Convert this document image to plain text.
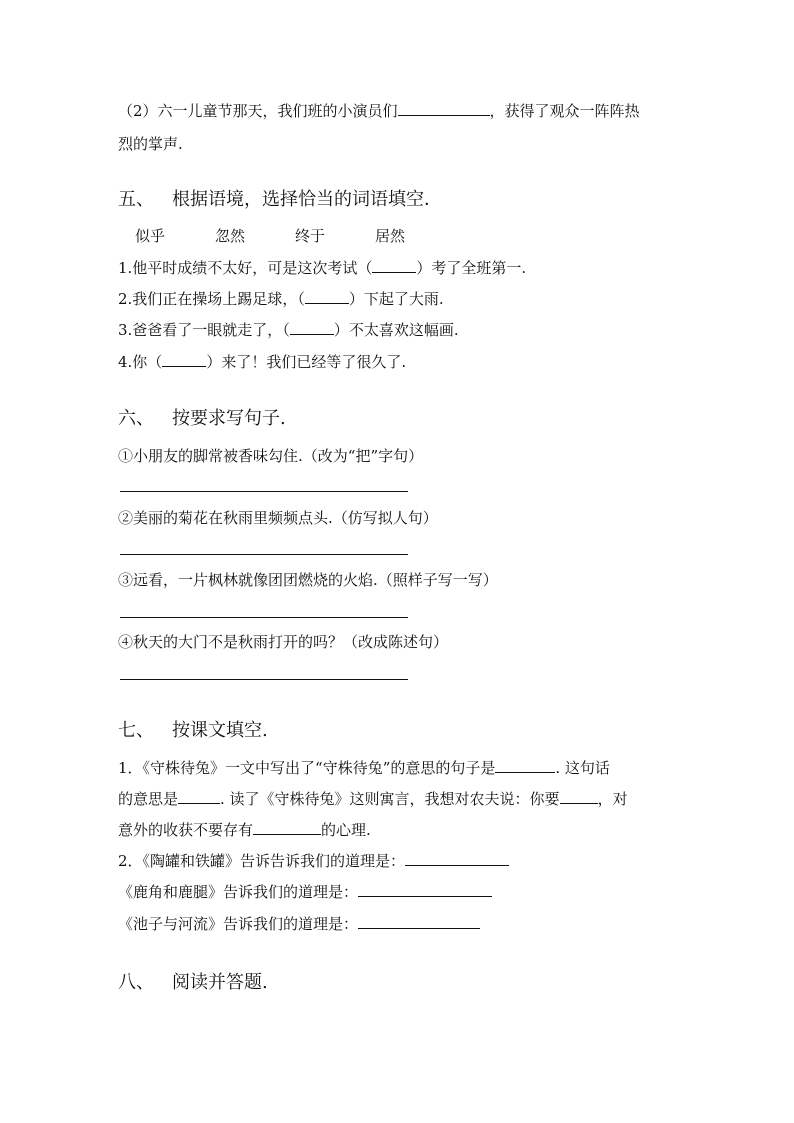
（2）六一儿童节那天，我们班的小演员们	，获得了观众一阵阵热
烈的掌声.
五、 根据语境，选择恰当的词语填空．
似乎	忽然	终于	居然
1.他平时成绩不太好，可是这次考试（	）考了全班第一.
2.我们正在操场上踢足球，（	）下起了大雨.
3.爸爸看了一眼就走了，（	）不太喜欢这幅画.
4.你（	）来了！我们已经等了很久了.
六、 按要求写句子.
①小朋友的脚常被香味勾住.（改为“把”字句）
②美丽的菊花在秋雨里频频点头.（仿写拟人句）
③远看，一片枫林就像团团燃烧的火焰.（照样子写一写）
④秋天的大门不是秋雨打开的吗？（改成陈述句）
七、 按课文填空.
1．《守株待兔》一文中写出了“守株待兔”的意思的句子是	. 这句话
的意思是	. 读了《守株待兔》这则寓言，我想对农夫说：你要	，对
意外的收获不要存有	的心理.
2．《陶罐和铁罐》告诉告诉我们的道理是：
《鹿角和鹿腿》告诉我们的道理是：
《池子与河流》告诉我们的道理是：
八、 阅读并答题.
